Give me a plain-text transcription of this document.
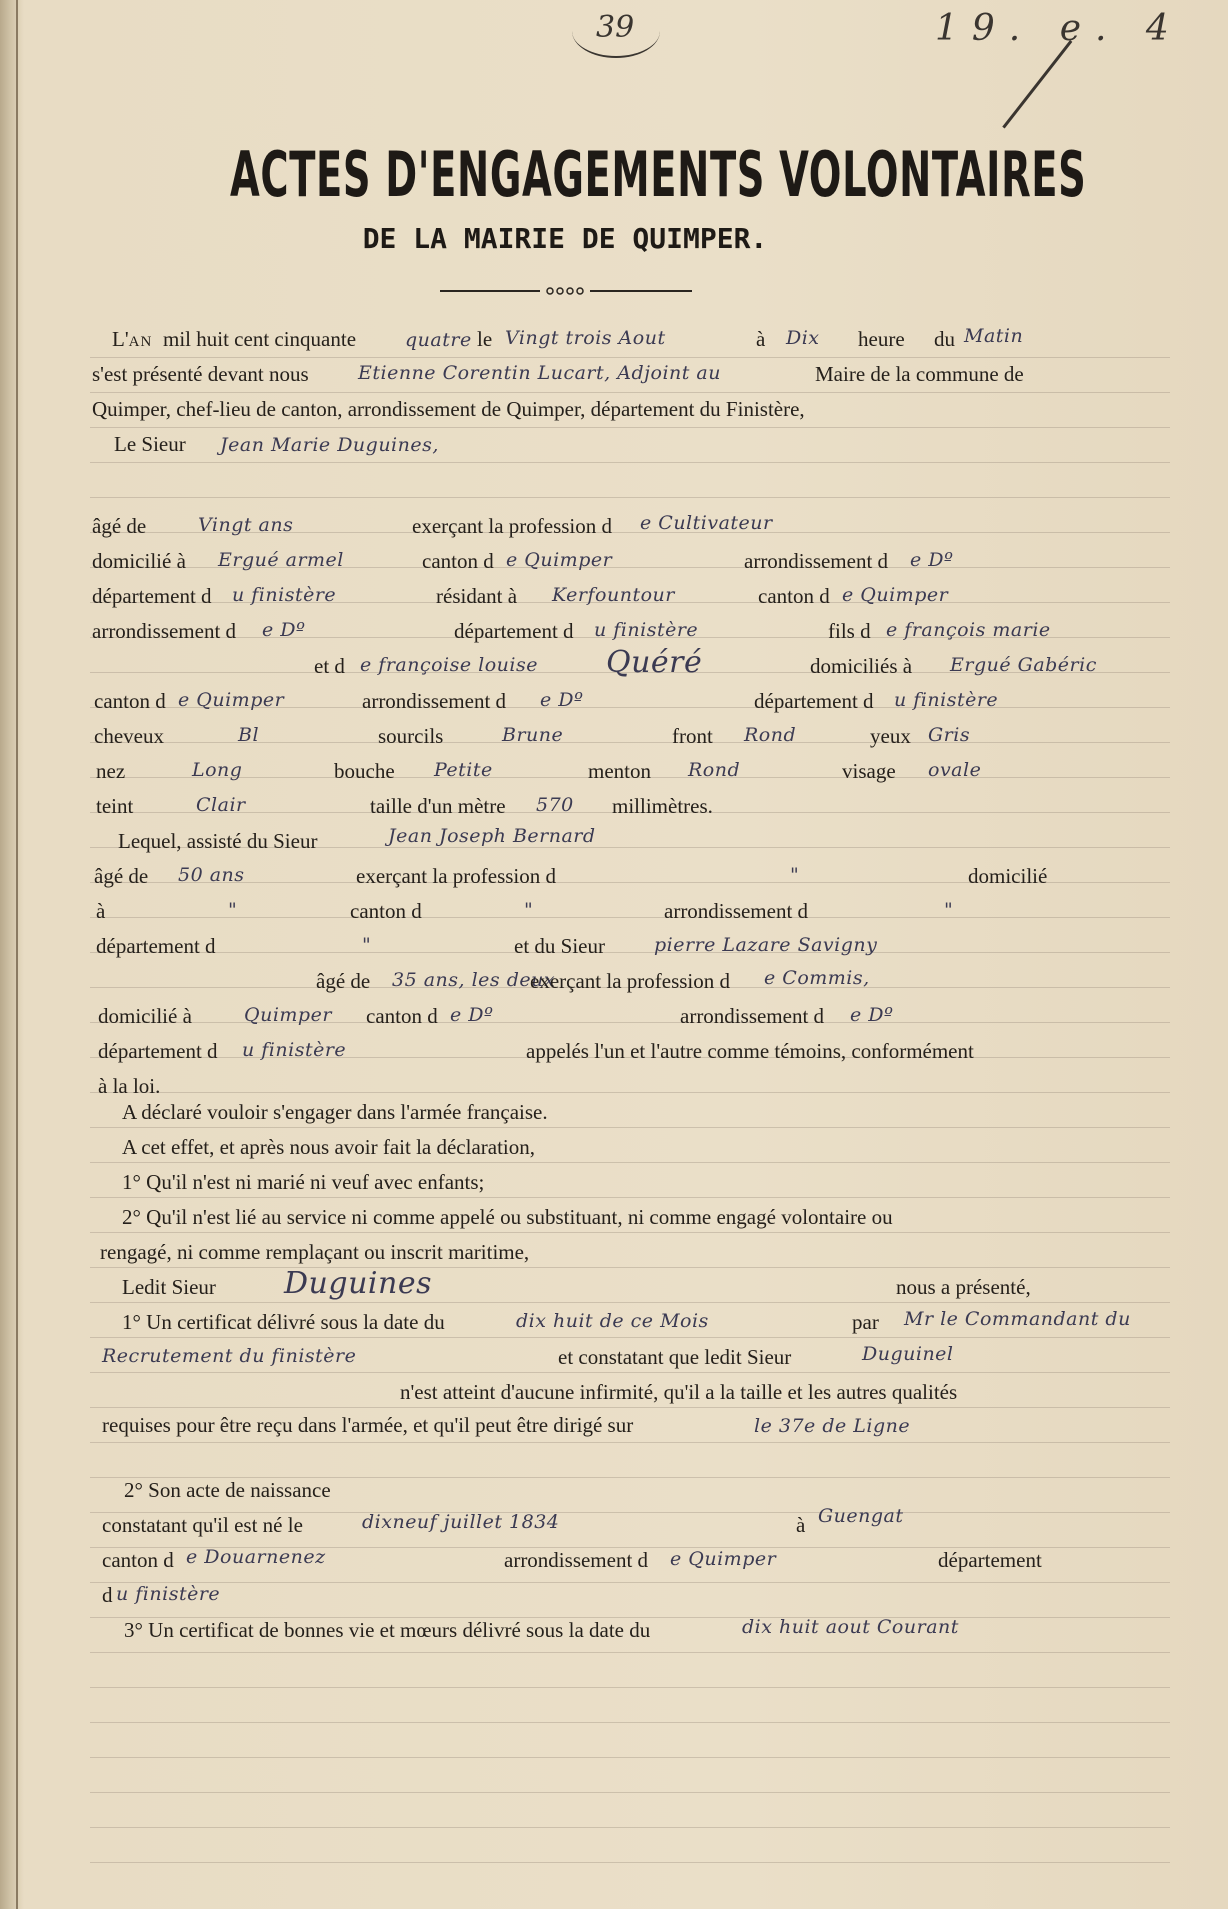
39	19. e. 4
ACTES D'ENGAGEMENTS VOLONTAIRES
DE LA MAIRIE DE QUIMPER.
L'AN mil huit cent cinquante	quatre le Vingt trois Aout	à Dix heure du Matin
s'est présenté devant nous	Etienne Corentin Lucart, Adjoint au	Maire de la commune de
Quimper, chef-lieu de canton, arrondissement de Quimper, département du Finistère,
Le Sieur Jean Marie Duguines,
âgé de	Vingt ans	exerçant la profession d e Cultivateur
domicilié à Ergué armel	canton d e Quimper	arrondissement d e Dº
département d u finistère	résidant à Kerfountour	canton d e Quimper
arrondissement d e Dº	département d u finistère	fils d e françois marie
et d e françoise louise Quéré	domiciliés à Ergué Gabéric
canton d e Quimper	arrondissement d e Dº	département d u finistère
cheveux	Bl	sourcils	Brune	front Rond	yeux Gris
nez	Long	bouche Petite	menton Rond	visage ovale
teint	Clair	taille d'un mètre 570 millimètres.
Lequel, assisté du Sieur	Jean Joseph Bernard
âgé de 50 ans	exerçant la profession d	"	domicilié
à	"	canton d	"	arrondissement d	"
département d	"	et du Sieur	pierre Lazare Savigny
âgé de 35 ans, les deux
exerçant la profession d e Commis,
domicilié à	Quimper canton d e Dº	arrondissement d e Dº
département d u finistère	appelés l'un et l'autre comme témoins, conformément
à la loi.
A déclaré vouloir s'engager dans l'armée française.
A cet effet, et après nous avoir fait la déclaration,
1° Qu'il n'est ni marié ni veuf avec enfants;
2° Qu'il n'est lié au service ni comme appelé ou substituant, ni comme engagé volontaire ou
rengagé, ni comme remplaçant ou inscrit maritime,
Ledit Sieur Duguines	nous a présenté,
1° Un certificat délivré sous la date du	dix huit de ce Mois	par Mr le Commandant du
Recrutement du finistère	et constatant que ledit Sieur	Duguinel
n'est atteint d'aucune infirmité, qu'il a la taille et les autres qualités
requises pour être reçu dans l'armée, et qu'il peut être dirigé sur	le 37e de Ligne
2° Son acte de naissance
constatant qu'il est né le	dixneuf juillet 1834	à Guengat
canton d e Douarnenez	arrondissement d e Quimper	département
d u finistère
3° Un certificat de bonnes vie et mœurs délivré sous la date du	dix huit aout Courant
